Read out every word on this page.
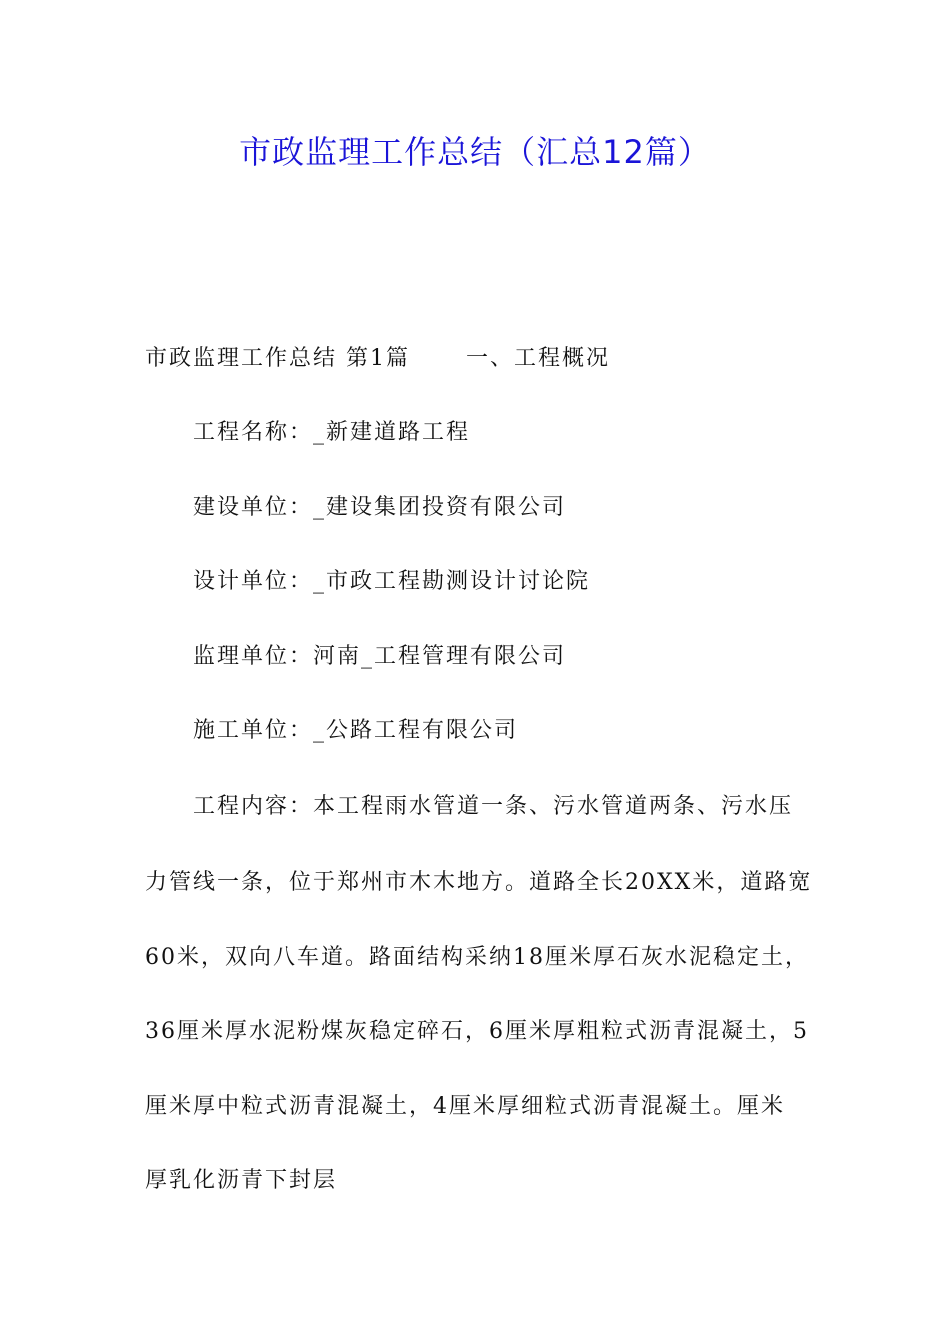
市政监理工作总结（汇总12篇）

市政监理工作总结 第1篇	一、工程概况

工程名称：_新建道路工程

建设单位：_建设集团投资有限公司

设计单位：_市政工程勘测设计讨论院

监理单位：河南_工程管理有限公司

施工单位：_公路工程有限公司

工程内容：本工程雨水管道一条、污水管道两条、污水压

力管线一条，位于郑州市木木地方。道路全长20XX米，道路宽

60米，双向八车道。路面结构采纳18厘米厚石灰水泥稳定土，

36厘米厚水泥粉煤灰稳定碎石，6厘米厚粗粒式沥青混凝土，5

厘米厚中粒式沥青混凝土，4厘米厚细粒式沥青混凝土。厘米

厚乳化沥青下封层
